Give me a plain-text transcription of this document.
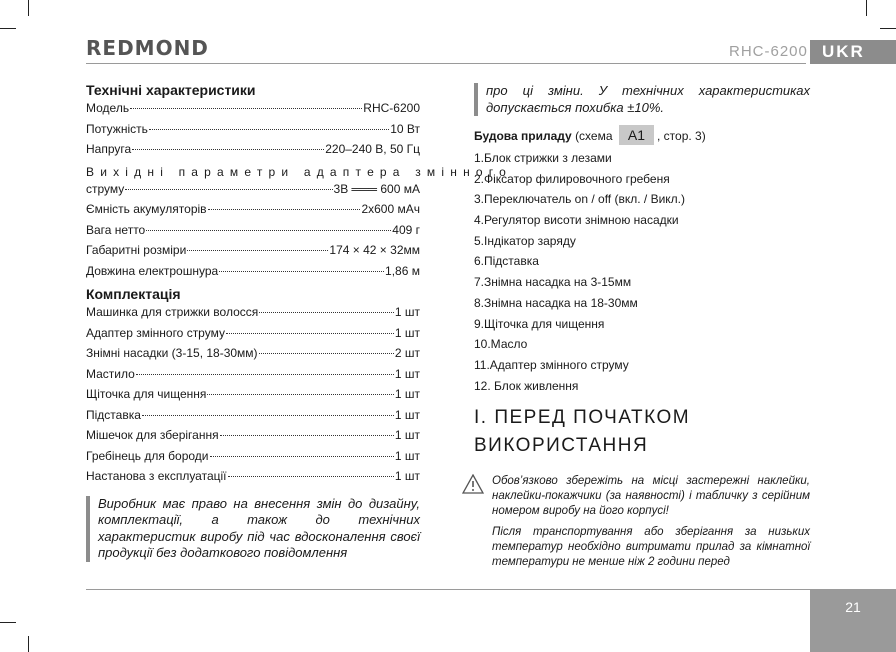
REDMOND	RHC-6200 UKR
Технічні характеристики
Модель	RHC-6200
Потужність	10 Вт
Напруга	220–240 В, 50 Гц
Вихідні параметри адаптера змінного
струму	3В ═══ 600 мА
Ємність акумуляторів	2х600 мАч
Вага нетто	409 г
Габаритні розміри	174 × 42 × 32мм
Довжина електрошнура	1,86 м
Комплектація
Машинка для стрижки волосся	1 шт
Адаптер змінного струму	1 шт
Знімні насадки (3-15, 18-30мм)	2 шт
Мастило	1 шт
Щіточка для чищення	1 шт
Підставка	1 шт
Мішечок для зберігання	1 шт
Гребінець для бороди	1 шт
Настанова з експлуатації	1 шт
Виробник має право на внесення змін до дизайну, комплектації, а також до технічних характеристик виробу під час вдосконалення своєї продукції без додаткового повідомлення
про ці зміни. У технічних характеристиках допускається похибка ±10%.
Будова приладу (схема A1 , стор. 3)

1.Блок стрижки з лезами

2.Фіксатор филировочного гребеня

3.Переключатель on / off (вкл. / Викл.)

4.Регулятор висоти знімною насадки

5.Індікатор заряду

6.Підставка

7.Знімна насадка на 3-15мм

8.Знімна насадка на 18-30мм

9.Щіточка для чищення

10.Масло

11.Адаптер змінного струму

12. Блок живлення

I. ПЕРЕД ПОЧАТКОМ ВИКОРИСТАННЯ

Обов’язково збережіть на місці застережні наклейки, наклейки-покажчики (за наявності) і табличку з серійним номером виробу на його корпусі!

Після транспортування або зберігання за низьких температур необхідно витримати прилад за кімнатної температури не менше ніж 2 години перед

21
